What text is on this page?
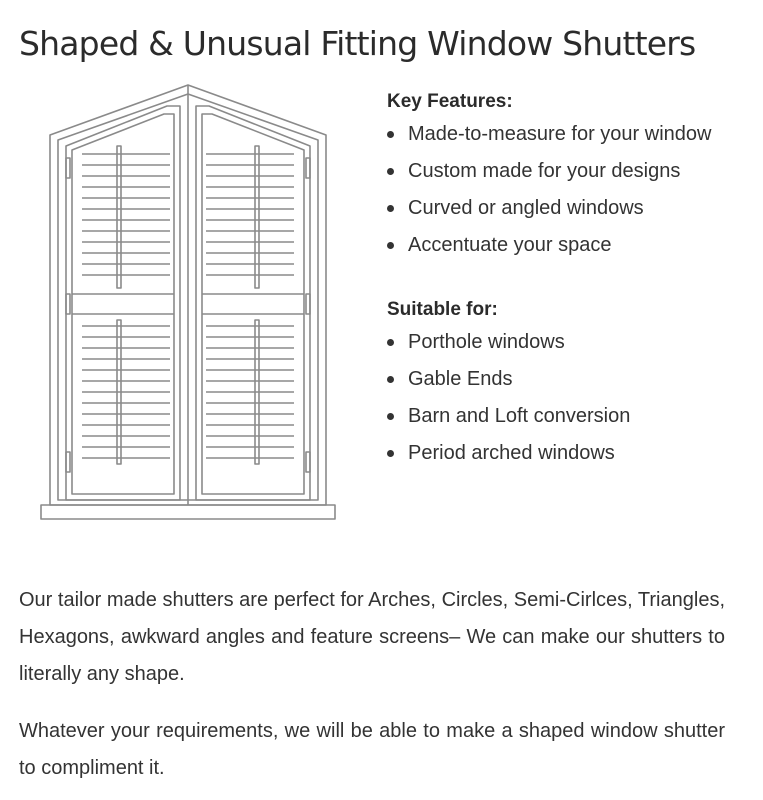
Shaped & Unusual Fitting Window Shutters
Key Features:
Made-to-measure for your window
Custom made for your designs
Curved or angled windows
Accentuate your space
Suitable for:
Porthole windows
Gable Ends
Barn and Loft conversion
Period arched windows

Our tailor made shutters are perfect for Arches, Circles, Semi-Cirlces, Triangles, Hexagons, awkward angles and feature screens– We can make our shutters to literally any shape.

Whatever your requirements, we will be able to make a shaped window shutter to compliment it.
